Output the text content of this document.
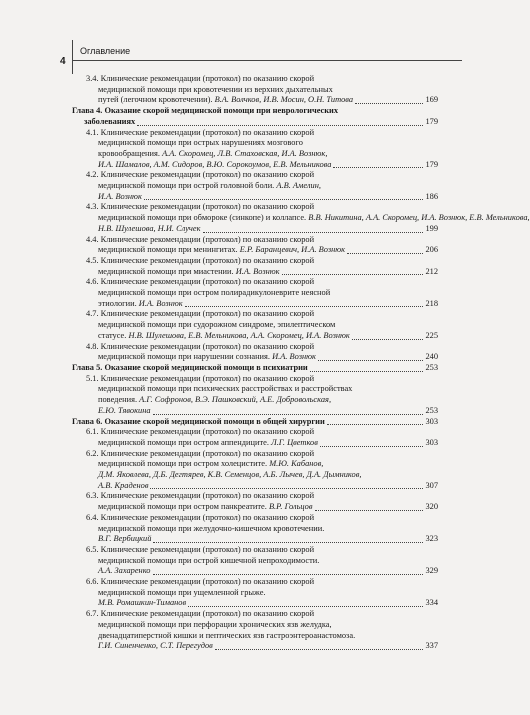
4
Оглавление
3.4. Клинические рекомендации (протокол) по оказанию скорой
медицинской помощи при кровотечении из верхних дыхательных
путей (легочном кровотечении). В.А. Волчков, И.В. Мосин, О.Н. Титова	169
Глава 4. Оказание скорой медицинской помощи при неврологических
заболеваниях	179
4.1. Клинические рекомендации (протокол) по оказанию скорой
медицинской помощи при острых нарушениях мозгового
кровообращения. А.А. Скоромец, Л.В. Стаховская, И.А. Вознюк,
И.А. Шамалов, А.М. Сидоров, В.Ю. Сорокоумов, Е.В. Мельникова	179
4.2. Клинические рекомендации (протокол) по оказанию скорой
медицинской помощи при острой головной боли. А.В. Амелин,
И.А. Вознюк	186
4.3. Клинические рекомендации (протокол) по оказанию скорой
медицинской помощи при обмороке (синкопе) и коллапсе. В.В. Никитина, А.А. Скоромец, И.А. Вознюк, Е.В. Мельникова,
Н.В. Шулешова, Н.И. Случек	199
4.4. Клинические рекомендации (протокол) по оказанию скорой
медицинской помощи при менингитах. Е.Р. Баранцевич, И.А. Вознюк	206
4.5. Клинические рекомендации (протокол) по оказанию скорой
медицинской помощи при миастении. И.А. Вознюк	212
4.6. Клинические рекомендации (протокол) по оказанию скорой
медицинской помощи при остром полирадикулоневрите неясной
этиологии. И.А. Вознюк	218
4.7. Клинические рекомендации (протокол) по оказанию скорой
медицинской помощи при судорожном синдроме, эпилептическом
статусе. Н.В. Шулешова, Е.В. Мельникова, А.А. Скоромец, И.А. Вознюк	225
4.8. Клинические рекомендации (протокол) по оказанию скорой
медицинской помощи при нарушении сознания. И.А. Вознюк	240
Глава 5. Оказание скорой медицинской помощи в психиатрии	253
5.1. Клинические рекомендации (протокол) по оказанию скорой
медицинской помощи при психических расстройствах и расстройствах
поведения. А.Г. Софронов, В.Э. Пашковский, А.Е. Добровольская,
Е.Ю. Тявокина	253
Глава 6. Оказание скорой медицинской помощи в общей хирургии	303
6.1. Клинические рекомендации (протокол) по оказанию скорой
медицинской помощи при остром аппендиците. Л.Г. Цветков	303
6.2. Клинические рекомендации (протокол) по оказанию скорой
медицинской помощи при остром холецистите. М.Ю. Кабанов,
Д.М. Яковлева, Д.Б. Дегтярев, К.В. Семенцов, А.Б. Лычев, Д.А. Дымников,
А.В. Краденов	307
6.3. Клинические рекомендации (протокол) по оказанию скорой
медицинской помощи при остром панкреатите. В.Р. Гольцов	320
6.4. Клинические рекомендации (протокол) по оказанию скорой
медицинской помощи при желудочно-кишечном кровотечении.
В.Г. Вербицкий	323
6.5. Клинические рекомендации (протокол) по оказанию скорой
медицинской помощи при острой кишечной непроходимости.
А.А. Захаренко	329
6.6. Клинические рекомендации (протокол) по оказанию скорой
медицинской помощи при ущемленной грыже.
М.В. Ромашкин-Тиманов	334
6.7. Клинические рекомендации (протокол) по оказанию скорой
медицинской помощи при перфорации хронических язв желудка,
двенадцатиперстной кишки и пептических язв гастроэнтероанастомоза.
Г.И. Синенченко, С.Т. Перегудов	337
